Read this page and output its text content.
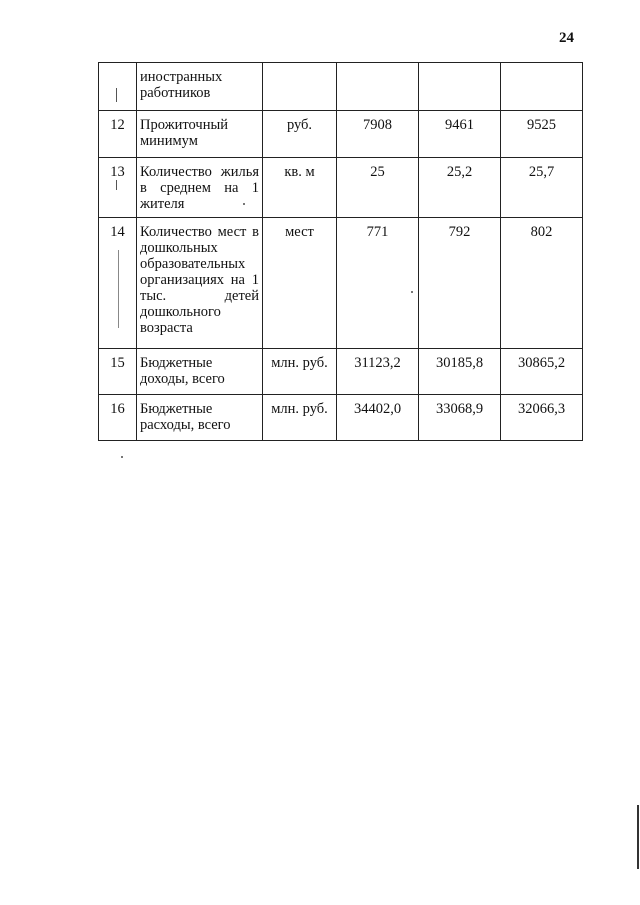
24
	иностранных работников				
12	Прожиточный минимум	руб.	7908	9461	9525
13	Количество жилья в среднем на 1 жителя	кв. м	25	25,2	25,7
14	Количество мест в дошкольных образовательных организациях на 1 тыс. детей дошкольного возраста	мест	771	792	802
15	Бюджетные доходы, всего	млн. руб.	31123,2	30185,8	30865,2
16	Бюджетные расходы, всего	млн. руб.	34402,0	33068,9	32066,3
